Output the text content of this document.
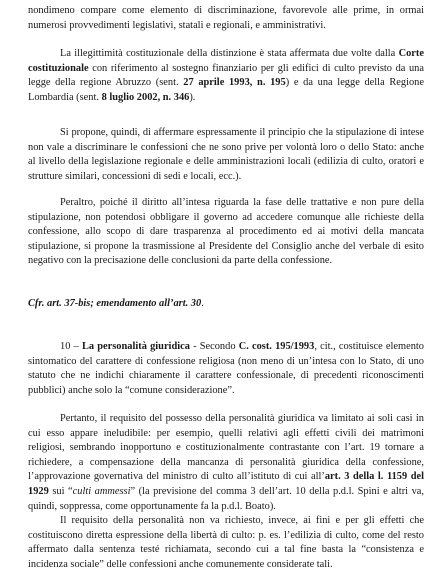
nondimeno compare come elemento di discriminazione, favorevole alle prime, in ormai numerosi provvedimenti legislativi, statali e regionali, e amministrativi.

La illegittimità costituzionale della distinzione è stata affermata due volte dalla Corte costituzionale con riferimento al sostegno finanziario per gli edifici di culto previsto da una legge della regione Abruzzo (sent. 27 aprile 1993, n. 195) e da una legge della Regione Lombardia (sent. 8 luglio 2002, n. 346).

Si propone, quindi, di affermare espressamente il principio che la stipulazione di intese non vale a discriminare le confessioni che ne sono prive per volontà loro o dello Stato: anche al livello della legislazione regionale e delle amministrazioni locali (edilizia di culto, oratori e strutture similari, concessioni di sedi e locali, ecc.).

Peraltro, poiché il diritto all’intesa riguarda la fase delle trattative e non pure della stipulazione, non potendosi obbligare il governo ad accedere comunque alle richieste della confessione, allo scopo di dare trasparenza al procedimento ed ai motivi della mancata stipulazione, si propone la trasmissione al Presidente del Consiglio anche del verbale di esito negativo con la precisazione delle conclusioni da parte della confessione.

Cfr. art. 37-bis; emendamento all’art. 30.

10 – La personalità giuridica - Secondo C. cost. 195/1993, cit., costituisce elemento sintomatico del carattere di confessione religiosa (non meno di un’intesa con lo Stato, di uno statuto che ne indichi chiaramente il carattere confessionale, di precedenti riconoscimenti pubblici) anche solo la “comune considerazione”.

Pertanto, il requisito del possesso della personalità giuridica va limitato ai soli casi in cui esso appare ineludibile: per esempio, quelli relativi agli effetti civili dei matrimoni religiosi, sembrando inopportuno e costituzionalmente contrastante con l’art. 19 tornare a richiedere, a compensazione della mancanza di personalità giuridica della confessione, l’approvazione governativa del ministro di culto all’istituto di cui all’art. 3 della l. 1159 del 1929 sui “culti ammessi” (la previsione del comma 3 dell’art. 10 della p.d.l. Spini e altri va, quindi, soppressa, come opportunamente fa la p.d.l. Boato).

Il requisito della personalità non va richiesto, invece, ai fini e per gli effetti che costituiscono diretta espressione della libertà di culto: p. es. l’edilizia di culto, come del resto affermato dalla sentenza testé richiamata, secondo cui a tal fine basta la “consistenza e incidenza sociale” delle confessioni anche comunemente considerate tali.
